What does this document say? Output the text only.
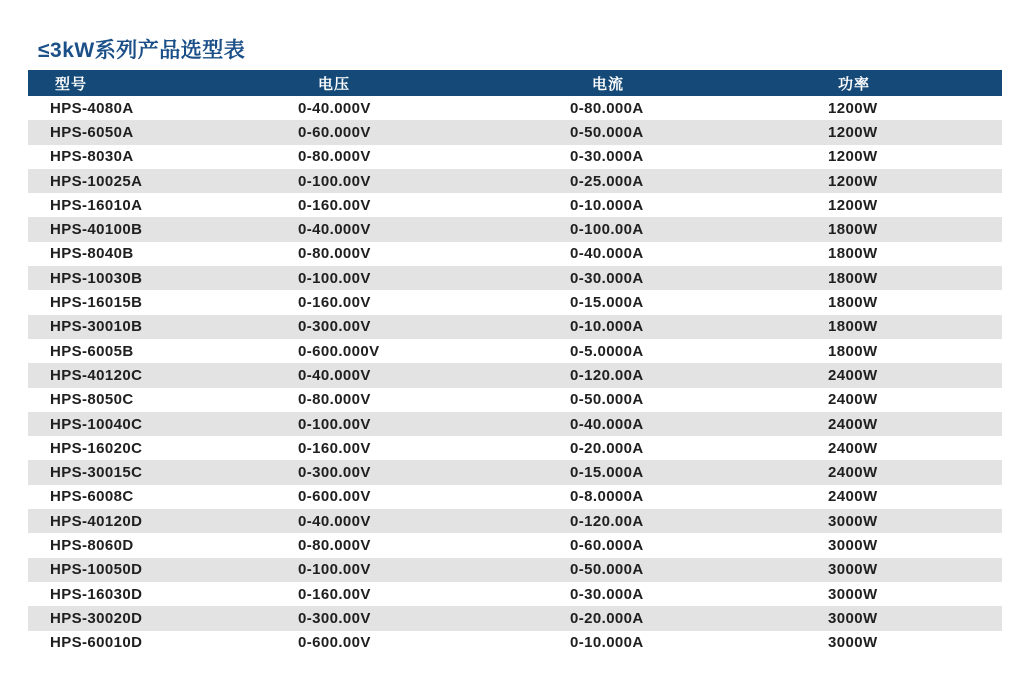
≤3kW系列产品选型表
型号	电压	电流	功率
HPS-4080A	0-40.000V	0-80.000A	1200W
HPS-6050A	0-60.000V	0-50.000A	1200W
HPS-8030A	0-80.000V	0-30.000A	1200W
HPS-10025A	0-100.00V	0-25.000A	1200W
HPS-16010A	0-160.00V	0-10.000A	1200W
HPS-40100B	0-40.000V	0-100.00A	1800W
HPS-8040B	0-80.000V	0-40.000A	1800W
HPS-10030B	0-100.00V	0-30.000A	1800W
HPS-16015B	0-160.00V	0-15.000A	1800W
HPS-30010B	0-300.00V	0-10.000A	1800W
HPS-6005B	0-600.000V	0-5.0000A	1800W
HPS-40120C	0-40.000V	0-120.00A	2400W
HPS-8050C	0-80.000V	0-50.000A	2400W
HPS-10040C	0-100.00V	0-40.000A	2400W
HPS-16020C	0-160.00V	0-20.000A	2400W
HPS-30015C	0-300.00V	0-15.000A	2400W
HPS-6008C	0-600.00V	0-8.0000A	2400W
HPS-40120D	0-40.000V	0-120.00A	3000W
HPS-8060D	0-80.000V	0-60.000A	3000W
HPS-10050D	0-100.00V	0-50.000A	3000W
HPS-16030D	0-160.00V	0-30.000A	3000W
HPS-30020D	0-300.00V	0-20.000A	3000W
HPS-60010D	0-600.00V	0-10.000A	3000W
